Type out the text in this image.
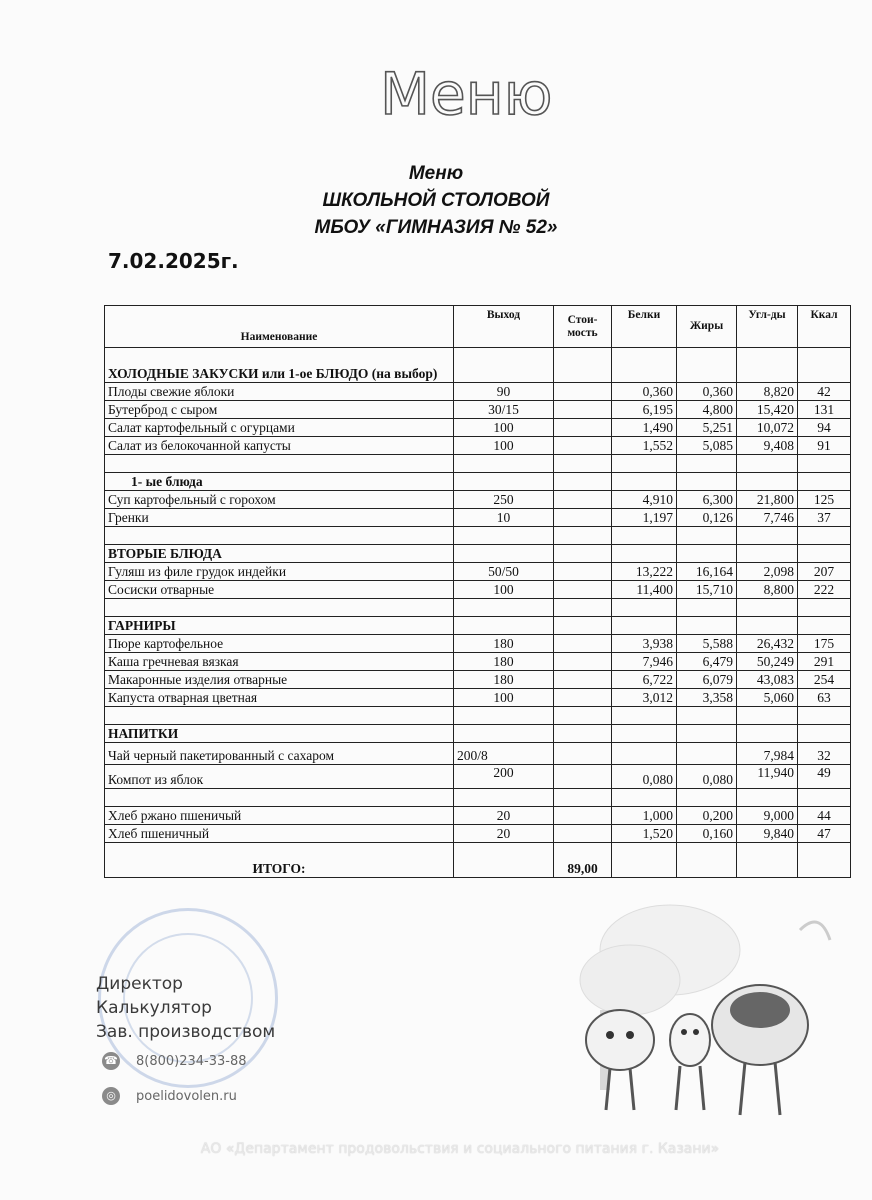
Меню
Меню
ШКОЛЬНОЙ СТОЛОВОЙ
МБОУ «ГИМНАЗИЯ № 52»
7.02.2025г.
Наименование	Выход	Стои-мость	Белки	Жиры	Угл-ды	Ккал
ХОЛОДНЫЕ ЗАКУСКИ или 1-ое БЛЮДО (на выбор)						
Плоды свежие яблоки	90		0,360	0,360	8,820	42
Бутерброд с сыром	30/15		6,195	4,800	15,420	131
Салат картофельный с огурцами	100		1,490	5,251	10,072	94
Салат из белокочанной капусты	100		1,552	5,085	9,408	91

1- ые блюда						
Суп картофельный с горохом	250		4,910	6,300	21,800	125
Гренки	10		1,197	0,126	7,746	37

ВТОРЫЕ БЛЮДА						
Гуляш из филе грудок индейки	50/50		13,222	16,164	2,098	207
Сосиски отварные	100		11,400	15,710	8,800	222

ГАРНИРЫ						
Пюре картофельное	180		3,938	5,588	26,432	175
Каша гречневая вязкая	180		7,946	6,479	50,249	291
Макаронные изделия отварные	180		6,722	6,079	43,083	254
Капуста отварная цветная	100		3,012	3,358	5,060	63

НАПИТКИ						
Чай черный пакетированный с сахаром	200/8				7,984	32
Компот из яблок	200		0,080	0,080	11,940	49

Хлеб ржано пшеничый	20		1,000	0,200	9,000	44
Хлеб пшеничный	20		1,520	0,160	9,840	47
ИТОГО:		89,00				
Директор
Калькулятор
Зав. производством
☎ 8(800)234-33-88
◎	poelidovolen.ru
АО «Департамент продовольствия и социального питания г. Казани»
